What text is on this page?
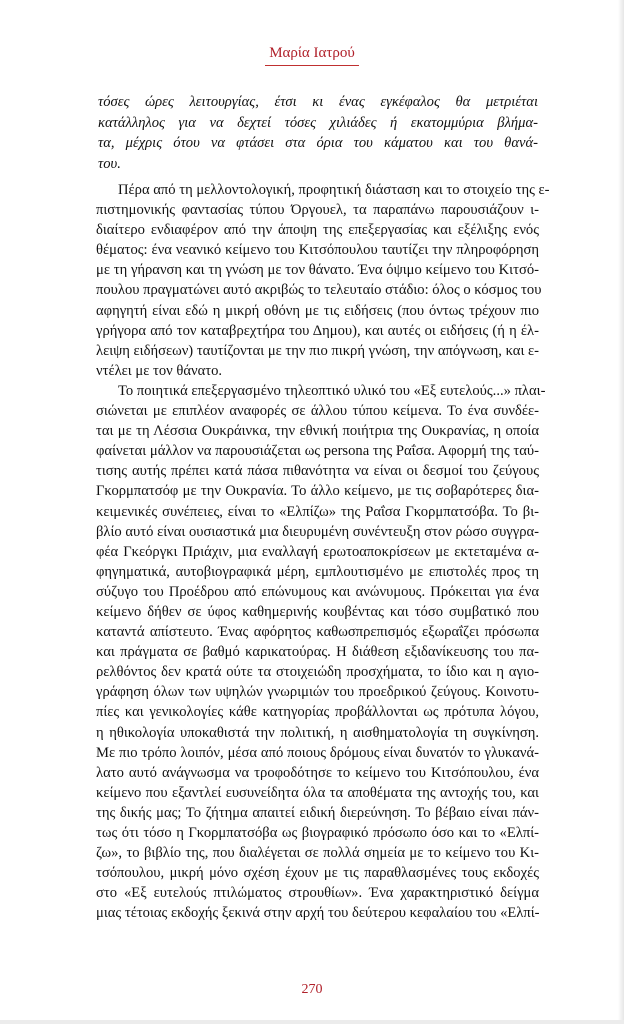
Μαρία Ιατρού
τόσες ώρες λειτουργίας, έτσι κι ένας εγκέφαλος θα μετριέται
κατάλληλος για να δεχτεί τόσες χιλιάδες ή εκατομμύρια βλήμα-
τα, μέχρις ότου να φτάσει στα όρια του κάματου και του θανά-
του.
Πέρα από τη μελλοντολογική, προφητική διάσταση και το στοιχείο της ε-
πιστημονικής φαντασίας τύπου Όργουελ, τα παραπάνω παρουσιάζουν ι-
διαίτερο ενδιαφέρον από την άποψη της επεξεργασίας και εξέλιξης ενός
θέματος: ένα νεανικό κείμενο του Κιτσόπουλου ταυτίζει την πληροφόρηση
με τη γήρανση και τη γνώση με τον θάνατο. Ένα όψιμο κείμενο του Κιτσό-
πουλου πραγματώνει αυτό ακριβώς το τελευταίο στάδιο: όλος ο κόσμος του
αφηγητή είναι εδώ η μικρή οθόνη με τις ειδήσεις (που όντως τρέχουν πιο
γρήγορα από τον καταβρεχτήρα του Δημου), και αυτές οι ειδήσεις (ή η έλ-
λειψη ειδήσεων) ταυτίζονται με την πιο πικρή γνώση, την απόγνωση, και ε-
ντέλει με τον θάνατο.
Το ποιητικά επεξεργασμένο τηλεοπτικό υλικό του «Εξ ευτελούς...» πλαι-
σιώνεται με επιπλέον αναφορές σε άλλου τύπου κείμενα. Το ένα συνδέε-
ται με τη Λέσσια Ουκράινκα, την εθνική ποιήτρια της Ουκρανίας, η οποία
φαίνεται μάλλον να παρουσιάζεται ως persona της Ραΐσα. Αφορμή της ταύ-
τισης αυτής πρέπει κατά πάσα πιθανότητα να είναι οι δεσμοί του ζεύγους
Γκορμπατσόφ με την Ουκρανία. Το άλλο κείμενο, με τις σοβαρότερες δια-
κειμενικές συνέπειες, είναι το «Ελπίζω» της Ραΐσα Γκορμπατσόβα. Το βι-
βλίο αυτό είναι ουσιαστικά μια διευρυμένη συνέντευξη στον ρώσο συγγρα-
φέα Γκεόργκι Πριάχιν, μια εναλλαγή ερωτοαποκρίσεων με εκτεταμένα α-
φηγηματικά, αυτοβιογραφικά μέρη, εμπλουτισμένο με επιστολές προς τη
σύζυγο του Προέδρου από επώνυμους και ανώνυμους. Πρόκειται για ένα
κείμενο δήθεν σε ύφος καθημερινής κουβέντας και τόσο συμβατικό που
καταντά απίστευτο. Ένας αφόρητος καθωσπρεπισμός εξωραΐζει πρόσωπα
και πράγματα σε βαθμό καρικατούρας. Η διάθεση εξιδανίκευσης του πα-
ρελθόντος δεν κρατά ούτε τα στοιχειώδη προσχήματα, το ίδιο και η αγιο-
γράφηση όλων των υψηλών γνωριμιών του προεδρικού ζεύγους. Κοινοτυ-
πίες και γενικολογίες κάθε κατηγορίας προβάλλονται ως πρότυπα λόγου,
η ηθικολογία υποκαθιστά την πολιτική, η αισθηματολογία τη συγκίνηση.
Με πιο τρόπο λοιπόν, μέσα από ποιους δρόμους είναι δυνατόν το γλυκανά-
λατο αυτό ανάγνωσμα να τροφοδότησε το κείμενο του Κιτσόπουλου, ένα
κείμενο που εξαντλεί ευσυνείδητα όλα τα αποθέματα της αντοχής του, και
της δικής μας; Το ζήτημα απαιτεί ειδική διερεύνηση. Το βέβαιο είναι πάν-
τως ότι τόσο η Γκορμπατσόβα ως βιογραφικό πρόσωπο όσο και το «Ελπί-
ζω», το βιβλίο της, που διαλέγεται σε πολλά σημεία με το κείμενο του Κι-
τσόπουλου, μικρή μόνο σχέση έχουν με τις παραθλασμένες τους εκδοχές
στο «Εξ ευτελούς πτιλώματος στρουθίων». Ένα χαρακτηριστικό δείγμα
μιας τέτοιας εκδοχής ξεκινά στην αρχή του δεύτερου κεφαλαίου του «Ελπί-
270
